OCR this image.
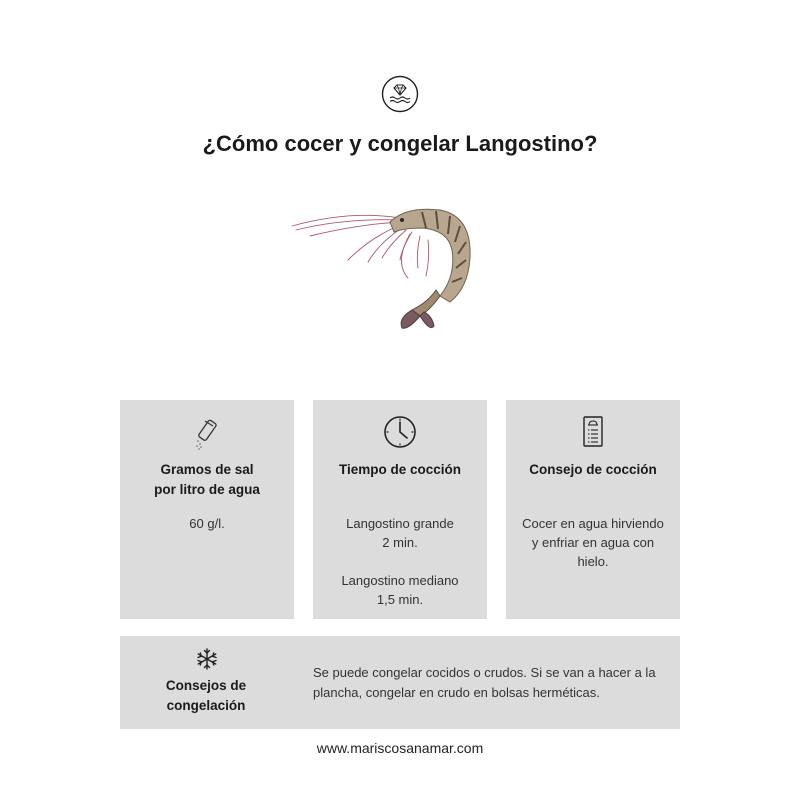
¿Cómo cocer y congelar Langostino?
Gramos de sal
por litro de agua
60 g/l.
Tiempo de cocción
Langostino grande
2 min.
Langostino mediano
1,5 min.
Consejo de cocción
Cocer en agua hirviendo
y enfriar en agua con
hielo.
Consejos de
congelación
Se puede congelar cocidos o crudos. Si se van a hacer a la
plancha, congelar en crudo en bolsas herméticas.
www.mariscosanamar.com
